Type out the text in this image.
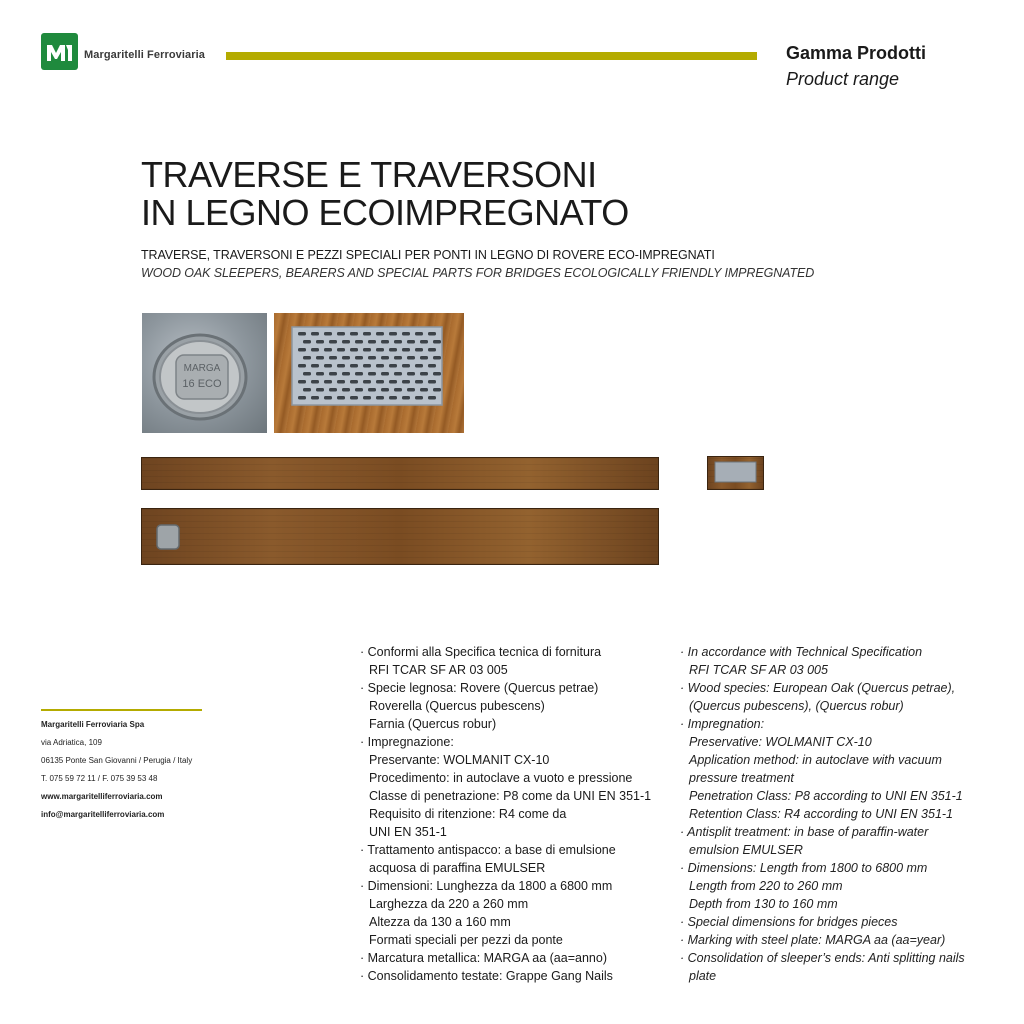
Margaritelli Ferroviaria	Gamma Prodotti
Product range
TRAVERSE E TRAVERSONI
IN LEGNO ECOIMPREGNATO
TRAVERSE, TRAVERSONI E PEZZI SPECIALI PER PONTI IN LEGNO DI ROVERE ECO-IMPREGNATI
WOOD OAK SLEEPERS, BEARERS AND SPECIAL PARTS FOR BRIDGES ECOLOGICALLY FRIENDLY IMPREGNATED
MARGA
16 ECO
Margaritelli Ferroviaria Spa
via Adriatica, 109
06135 Ponte San Giovanni / Perugia / Italy
T. 075 59 72 11 / F. 075 39 53 48
www.margaritelliferroviaria.com
info@margaritelliferroviaria.com
· Conformi alla Specifica tecnica di fornitura
RFI TCAR SF AR 03 005
· Specie legnosa: Rovere (Quercus petrae)
Roverella (Quercus pubescens)
Farnia (Quercus robur)
· Impregnazione:
Preservante: WOLMANIT CX-10
Procedimento: in autoclave a vuoto e pressione
Classe di penetrazione: P8 come da UNI EN 351-1
Requisito di ritenzione: R4 come da
UNI EN 351-1
· Trattamento antispacco: a base di emulsione
acquosa di paraffina EMULSER
· Dimensioni: Lunghezza da 1800 a 6800 mm
Larghezza da 220 a 260 mm
Altezza da 130 a 160 mm
Formati speciali per pezzi da ponte
· Marcatura metallica: MARGA aa (aa=anno)
· Consolidamento testate: Grappe Gang Nails
· In accordance with Technical Specification
RFI TCAR SF AR 03 005
· Wood species: European Oak (Quercus petrae),
(Quercus pubescens), (Quercus robur)
· Impregnation:
Preservative: WOLMANIT CX-10
Application method: in autoclave with vacuum
pressure treatment
Penetration Class: P8 according to UNI EN 351-1
Retention Class: R4 according to UNI EN 351-1
· Antisplit treatment: in base of paraffin-water
emulsion EMULSER
· Dimensions: Length from 1800 to 6800 mm
Length from 220 to 260 mm
Depth from 130 to 160 mm
· Special dimensions for bridges pieces
· Marking with steel plate: MARGA aa (aa=year)
· Consolidation of sleeper’s ends: Anti splitting nails
plate
